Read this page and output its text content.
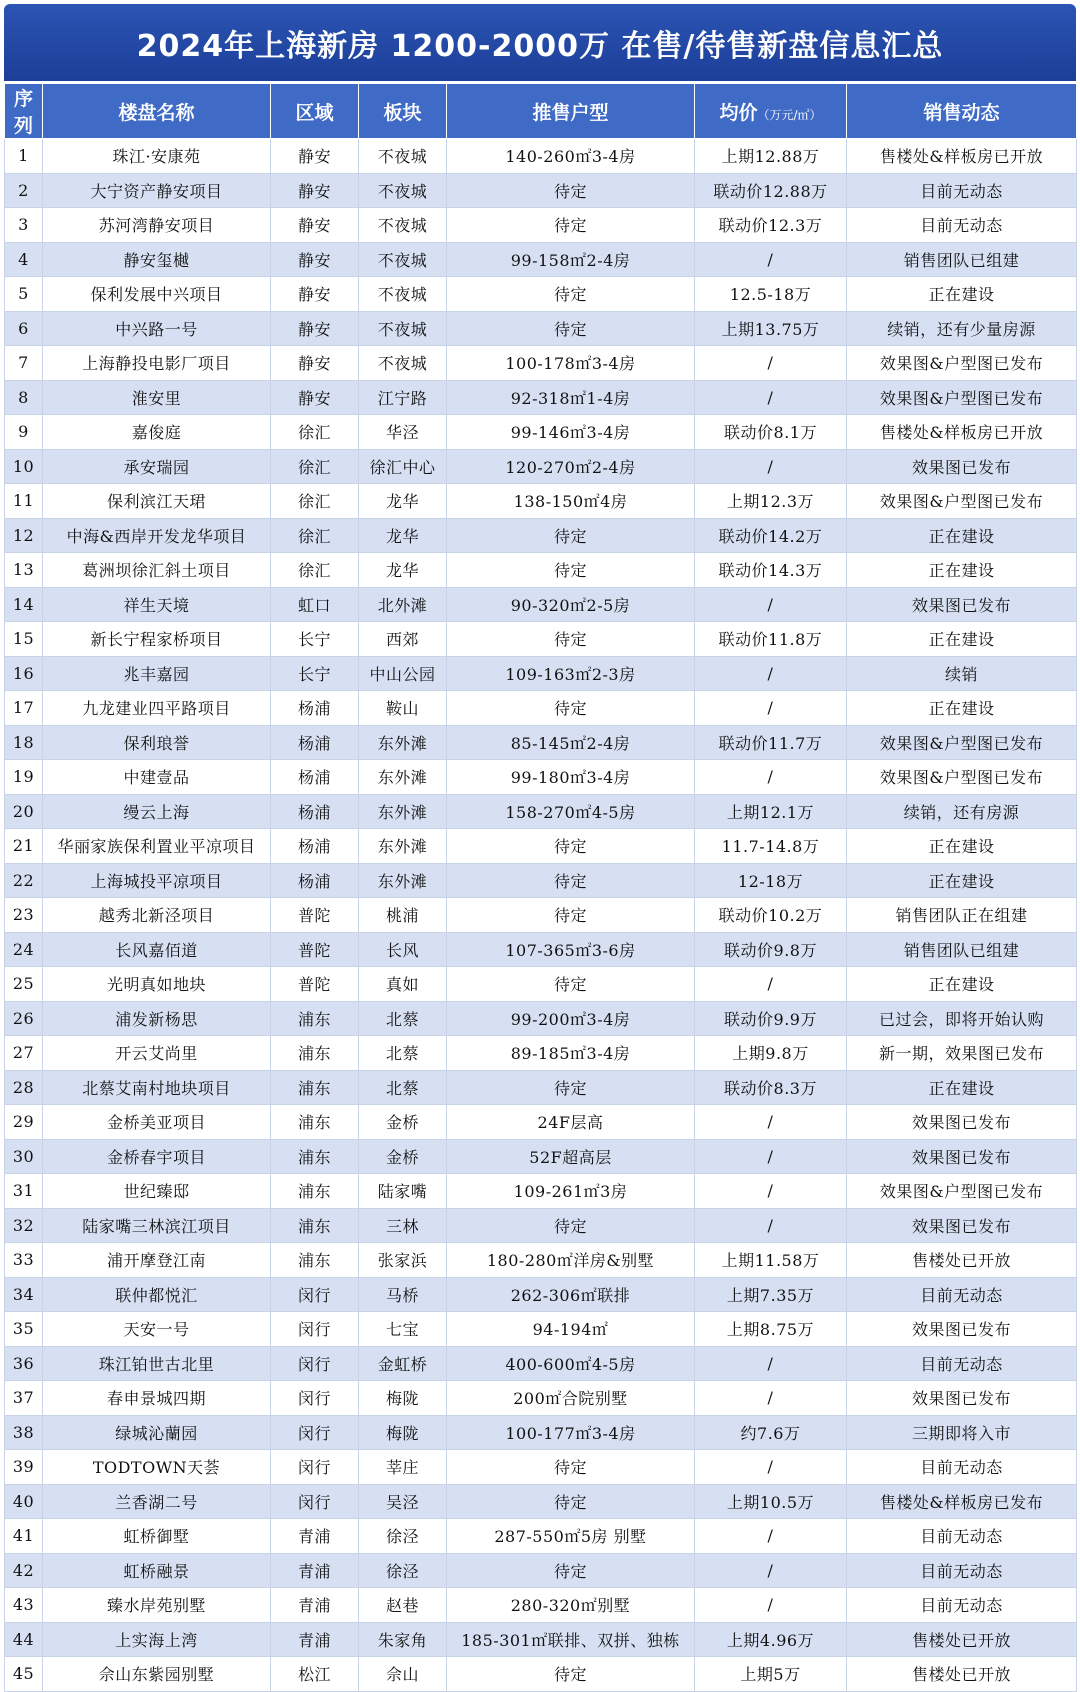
2024年上海新房 1200-2000万 在售/待售新盘信息汇总
序列	楼盘名称	区域	板块	推售户型	均价（万元/㎡）	销售动态
1	珠江·安康苑	静安	不夜城	140-260㎡3-4房	上期12.88万	售楼处&样板房已开放
2	大宁资产静安项目	静安	不夜城	待定	联动价12.88万	目前无动态
3	苏河湾静安项目	静安	不夜城	待定	联动价12.3万	目前无动态
4	静安玺樾	静安	不夜城	99-158㎡2-4房	/	销售团队已组建
5	保利发展中兴项目	静安	不夜城	待定	12.5-18万	正在建设
6	中兴路一号	静安	不夜城	待定	上期13.75万	续销，还有少量房源
7	上海静投电影厂项目	静安	不夜城	100-178㎡3-4房	/	效果图&户型图已发布
8	淮安里	静安	江宁路	92-318㎡1-4房	/	效果图&户型图已发布
9	嘉俊庭	徐汇	华泾	99-146㎡3-4房	联动价8.1万	售楼处&样板房已开放
10	承安瑞园	徐汇	徐汇中心	120-270㎡2-4房	/	效果图已发布
11	保利滨江天珺	徐汇	龙华	138-150㎡4房	上期12.3万	效果图&户型图已发布
12	中海&西岸开发龙华项目	徐汇	龙华	待定	联动价14.2万	正在建设
13	葛洲坝徐汇斜土项目	徐汇	龙华	待定	联动价14.3万	正在建设
14	祥生天境	虹口	北外滩	90-320㎡2-5房	/	效果图已发布
15	新长宁程家桥项目	长宁	西郊	待定	联动价11.8万	正在建设
16	兆丰嘉园	长宁	中山公园	109-163㎡2-3房	/	续销
17	九龙建业四平路项目	杨浦	鞍山	待定	/	正在建设
18	保利琅誉	杨浦	东外滩	85-145㎡2-4房	联动价11.7万	效果图&户型图已发布
19	中建壹品	杨浦	东外滩	99-180㎡3-4房	/	效果图&户型图已发布
20	缦云上海	杨浦	东外滩	158-270㎡4-5房	上期12.1万	续销，还有房源
21	华丽家族保利置业平凉项目	杨浦	东外滩	待定	11.7-14.8万	正在建设
22	上海城投平凉项目	杨浦	东外滩	待定	12-18万	正在建设
23	越秀北新泾项目	普陀	桃浦	待定	联动价10.2万	销售团队正在组建
24	长风嘉佰道	普陀	长风	107-365㎡3-6房	联动价9.8万	销售团队已组建
25	光明真如地块	普陀	真如	待定	/	正在建设
26	浦发新杨思	浦东	北蔡	99-200㎡3-4房	联动价9.9万	已过会，即将开始认购
27	开云艾尚里	浦东	北蔡	89-185㎡3-4房	上期9.8万	新一期，效果图已发布
28	北蔡艾南村地块项目	浦东	北蔡	待定	联动价8.3万	正在建设
29	金桥美亚项目	浦东	金桥	24F层高	/	效果图已发布
30	金桥春宇项目	浦东	金桥	52F超高层	/	效果图已发布
31	世纪臻邸	浦东	陆家嘴	109-261㎡3房	/	效果图&户型图已发布
32	陆家嘴三林滨江项目	浦东	三林	待定	/	效果图已发布
33	浦开摩登江南	浦东	张家浜	180-280㎡洋房&别墅	上期11.58万	售楼处已开放
34	联仲都悦汇	闵行	马桥	262-306㎡联排	上期7.35万	目前无动态
35	天安一号	闵行	七宝	94-194㎡	上期8.75万	效果图已发布
36	珠江铂世古北里	闵行	金虹桥	400-600㎡4-5房	/	目前无动态
37	春申景城四期	闵行	梅陇	200㎡合院别墅	/	效果图已发布
38	绿城沁蘭园	闵行	梅陇	100-177㎡3-4房	约7.6万	三期即将入市
39	TODTOWN天荟	闵行	莘庄	待定	/	目前无动态
40	兰香湖二号	闵行	吴泾	待定	上期10.5万	售楼处&样板房已发布
41	虹桥御墅	青浦	徐泾	287-550㎡5房 别墅	/	目前无动态
42	虹桥融景	青浦	徐泾	待定	/	目前无动态
43	臻水岸苑别墅	青浦	赵巷	280-320㎡别墅	/	目前无动态
44	上实海上湾	青浦	朱家角	185-301㎡联排、双拼、独栋	上期4.96万	售楼处已开放
45	佘山东紫园别墅	松江	佘山	待定	上期5万	售楼处已开放
